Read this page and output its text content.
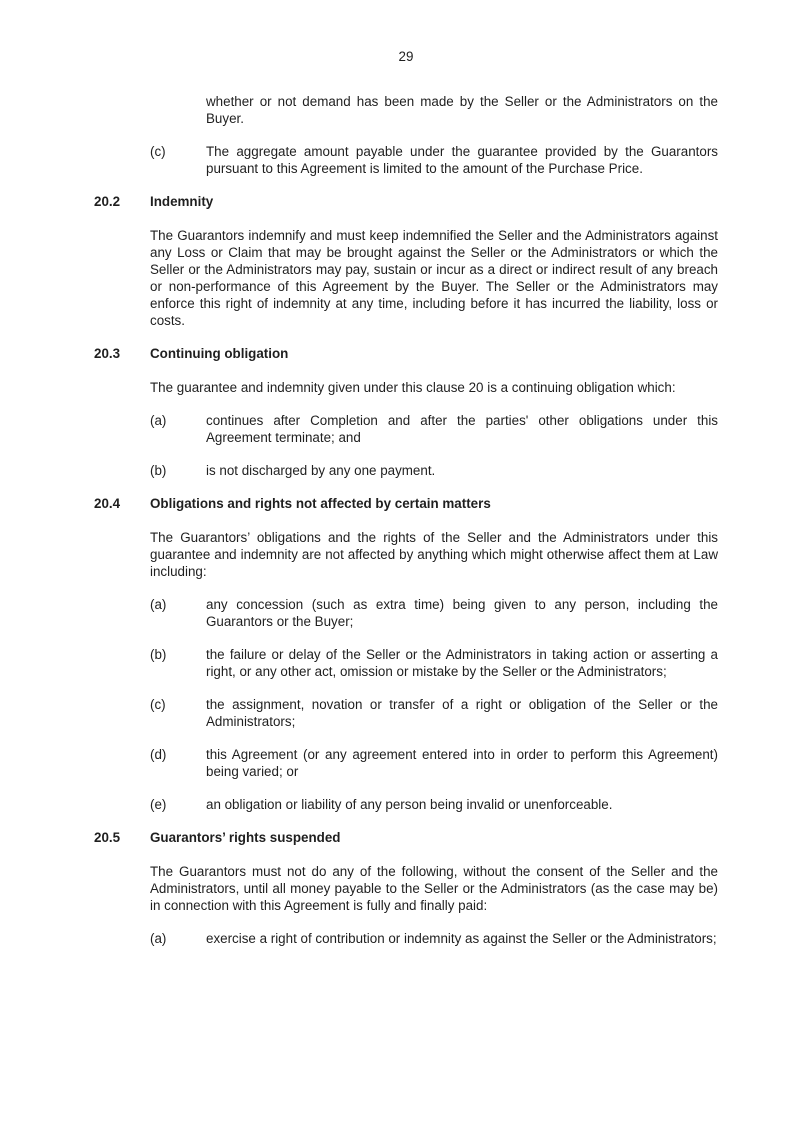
29
whether or not demand has been made by the Seller or the Administrators on the Buyer.
(c)	The aggregate amount payable under the guarantee provided by the Guarantors pursuant to this Agreement is limited to the amount of the Purchase Price.
20.2	Indemnity
The Guarantors indemnify and must keep indemnified the Seller and the Administrators against any Loss or Claim that may be brought against the Seller or the Administrators or which the Seller or the Administrators may pay, sustain or incur as a direct or indirect result of any breach or non-performance of this Agreement by the Buyer. The Seller or the Administrators may enforce this right of indemnity at any time, including before it has incurred the liability, loss or costs.
20.3	Continuing obligation
The guarantee and indemnity given under this clause 20 is a continuing obligation which:
(a)	continues after Completion and after the parties' other obligations under this Agreement terminate; and
(b)	is not discharged by any one payment.
20.4	Obligations and rights not affected by certain matters
The Guarantors’ obligations and the rights of the Seller and the Administrators under this guarantee and indemnity are not affected by anything which might otherwise affect them at Law including:
(a)	any concession (such as extra time) being given to any person, including the Guarantors or the Buyer;
(b)	the failure or delay of the Seller or the Administrators in taking action or asserting a right, or any other act, omission or mistake by the Seller or the Administrators;
(c)	the assignment, novation or transfer of a right or obligation of the Seller or the Administrators;
(d)	this Agreement (or any agreement entered into in order to perform this Agreement) being varied; or
(e)	an obligation or liability of any person being invalid or unenforceable.
20.5	Guarantors’ rights suspended
The Guarantors must not do any of the following, without the consent of the Seller and the Administrators, until all money payable to the Seller or the Administrators (as the case may be) in connection with this Agreement is fully and finally paid:
(a)	exercise a right of contribution or indemnity as against the Seller or the Administrators;
